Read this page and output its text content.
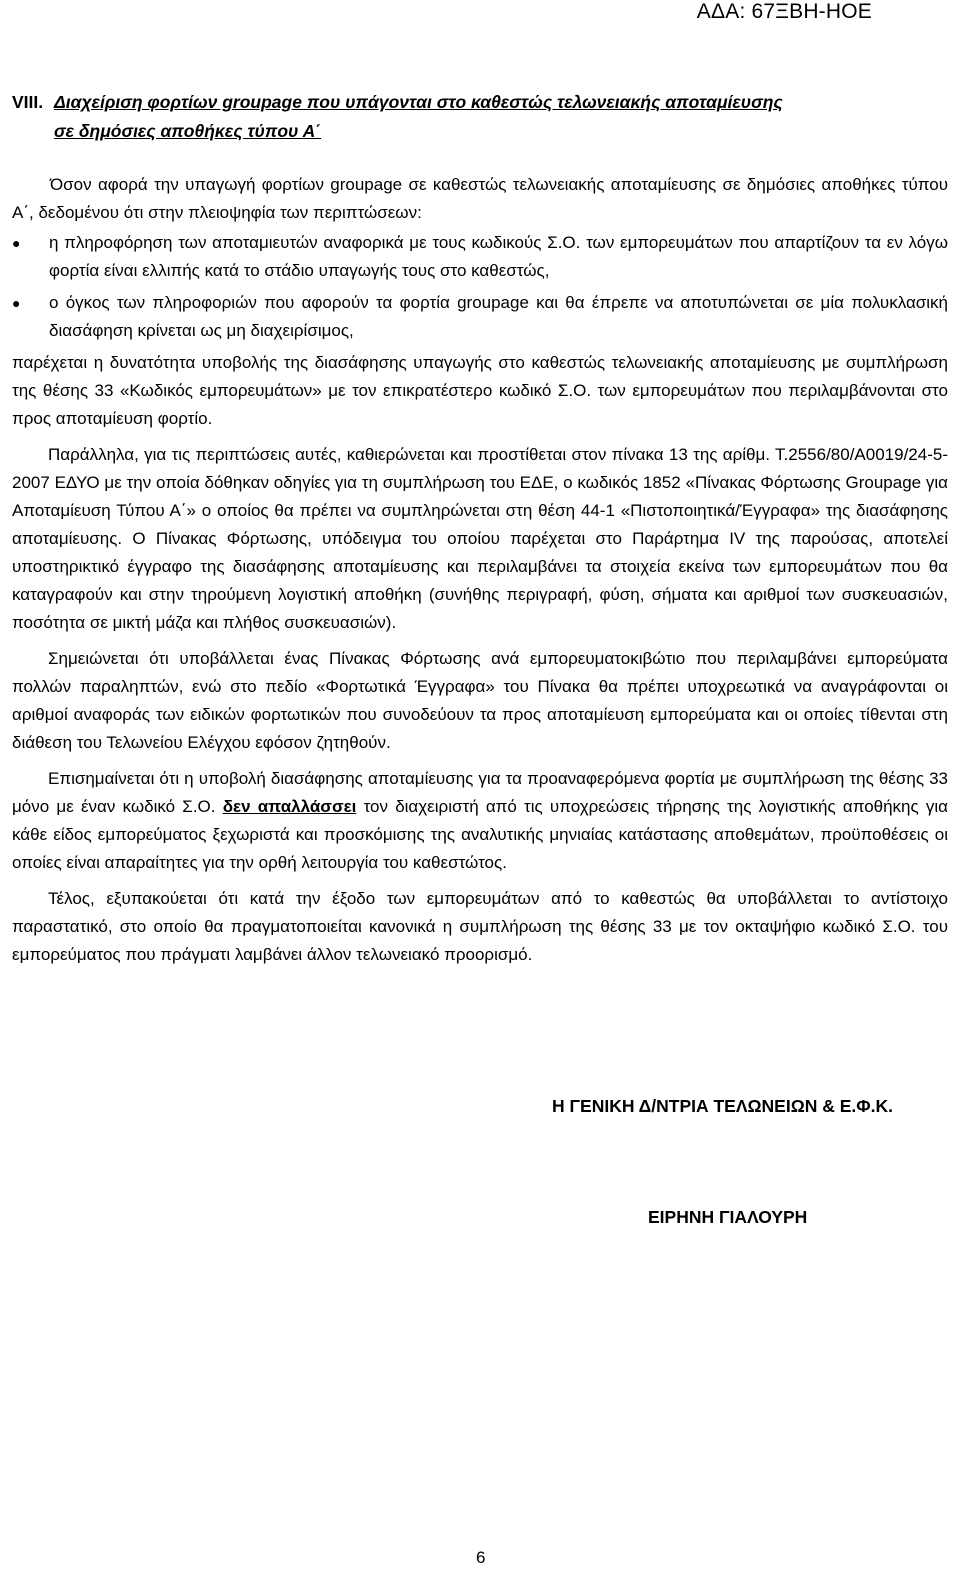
ΑΔΑ: 67ΞΒΗ-ΗΟΕ
VIII. Διαχείριση φορτίων groupage που υπάγονται στο καθεστώς τελωνειακής αποταμίευσης
σε δημόσιες αποθήκες τύπου Α΄

Όσον αφορά την υπαγωγή φορτίων groupage σε καθεστώς τελωνειακής αποταμίευσης σε δημόσιες αποθήκες τύπου Α΄, δεδομένου ότι στην πλειοψηφία των περιπτώσεων:

● η πληροφόρηση των αποταμιευτών αναφορικά με τους κωδικούς Σ.Ο. των εμπορευμάτων που απαρτίζουν τα εν λόγω φορτία είναι ελλιπής κατά το στάδιο υπαγωγής τους στο καθεστώς,
● ο όγκος των πληροφοριών που αφορούν τα φορτία groupage και θα έπρεπε να αποτυπώνεται σε μία πολυκλασική διασάφηση κρίνεται ως μη διαχειρίσιμος,

παρέχεται η δυνατότητα υποβολής της διασάφησης υπαγωγής στο καθεστώς τελωνειακής αποταμίευσης με συμπλήρωση της θέσης 33 «Κωδικός εμπορευμάτων» με τον επικρατέστερο κωδικό Σ.Ο. των εμπορευμάτων που περιλαμβάνονται στο προς αποταμίευση φορτίο.

Παράλληλα, για τις περιπτώσεις αυτές, καθιερώνεται και προστίθεται στον πίνακα 13 της αρίθμ. Τ.2556/80/Α0019/24-5-2007 ΕΔΥΟ με την οποία δόθηκαν οδηγίες για τη συμπλήρωση του ΕΔΕ, ο κωδικός 1852 «Πίνακας Φόρτωσης Groupage για Αποταμίευση Τύπου Α΄» ο οποίος θα πρέπει να συμπληρώνεται στη θέση 44-1 «Πιστοποιητικά/Έγγραφα» της διασάφησης αποταμίευσης. Ο Πίνακας Φόρτωσης, υπόδειγμα του οποίου παρέχεται στο Παράρτημα IV της παρούσας, αποτελεί υποστηρικτικό έγγραφο της διασάφησης αποταμίευσης και περιλαμβάνει τα στοιχεία εκείνα των εμπορευμάτων που θα καταγραφούν και στην τηρούμενη λογιστική αποθήκη (συνήθης περιγραφή, φύση, σήματα και αριθμοί των συσκευασιών, ποσότητα σε μικτή μάζα και πλήθος συσκευασιών).

Σημειώνεται ότι υποβάλλεται ένας Πίνακας Φόρτωσης ανά εμπορευματοκιβώτιο που περιλαμβάνει εμπορεύματα πολλών παραληπτών, ενώ στο πεδίο «Φορτωτικά Έγγραφα» του Πίνακα θα πρέπει υποχρεωτικά να αναγράφονται οι αριθμοί αναφοράς των ειδικών φορτωτικών που συνοδεύουν τα προς αποταμίευση εμπορεύματα και οι οποίες τίθενται στη διάθεση του Τελωνείου Ελέγχου εφόσον ζητηθούν.

Επισημαίνεται ότι η υποβολή διασάφησης αποταμίευσης για τα προαναφερόμενα φορτία με συμπλήρωση της θέσης 33 μόνο με έναν κωδικό Σ.Ο. δεν απαλλάσσει τον διαχειριστή από τις υποχρεώσεις τήρησης της λογιστικής αποθήκης για κάθε είδος εμπορεύματος ξεχωριστά και προσκόμισης της αναλυτικής μηνιαίας κατάστασης αποθεμάτων, προϋποθέσεις οι οποίες είναι απαραίτητες για την ορθή λειτουργία του καθεστώτος.

Τέλος, εξυπακούεται ότι κατά την έξοδο των εμπορευμάτων από το καθεστώς θα υποβάλλεται το αντίστοιχο παραστατικό, στο οποίο θα πραγματοποιείται κανονικά η συμπλήρωση της θέσης 33 με τον οκταψήφιο κωδικό Σ.Ο. του εμπορεύματος που πράγματι λαμβάνει άλλον τελωνειακό προορισμό.

Η ΓΕΝΙΚΗ Δ/ΝΤΡΙΑ ΤΕΛΩΝΕΙΩΝ & Ε.Φ.Κ.
ΕΙΡΗΝΗ ΓΙΑΛΟΥΡΗ
6
